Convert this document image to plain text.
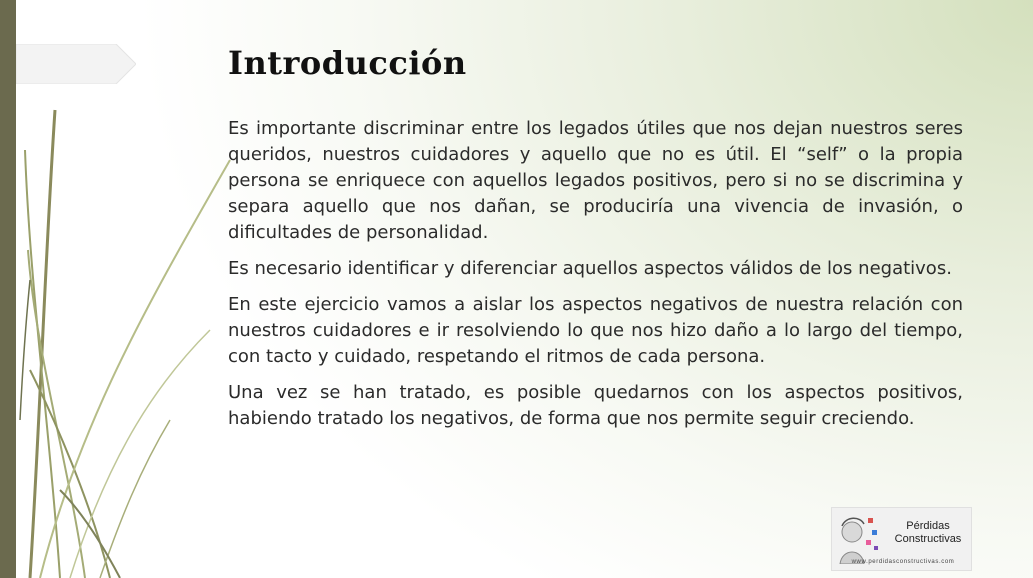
Introducción

Es importante discriminar entre los legados útiles que nos dejan nuestros seres queridos, nuestros cuidadores y aquello que no es útil. El “self” o la propia persona se enriquece con aquellos legados positivos, pero si no se discrimina y separa aquello que nos dañan, se produciría una vivencia de invasión, o dificultades de personalidad.

Es necesario identificar y diferenciar aquellos aspectos válidos de los negativos.

En este ejercicio vamos a aislar los aspectos negativos de nuestra relación con nuestros cuidadores e ir resolviendo lo que nos hizo daño a lo largo del tiempo, con tacto y cuidado, respetando el ritmos de cada persona.

Una vez se han tratado, es posible quedarnos con los aspectos positivos, habiendo tratado los negativos, de forma que nos permite seguir creciendo.

Pérdidas Constructivas
www.perdidasconstructivas.com
